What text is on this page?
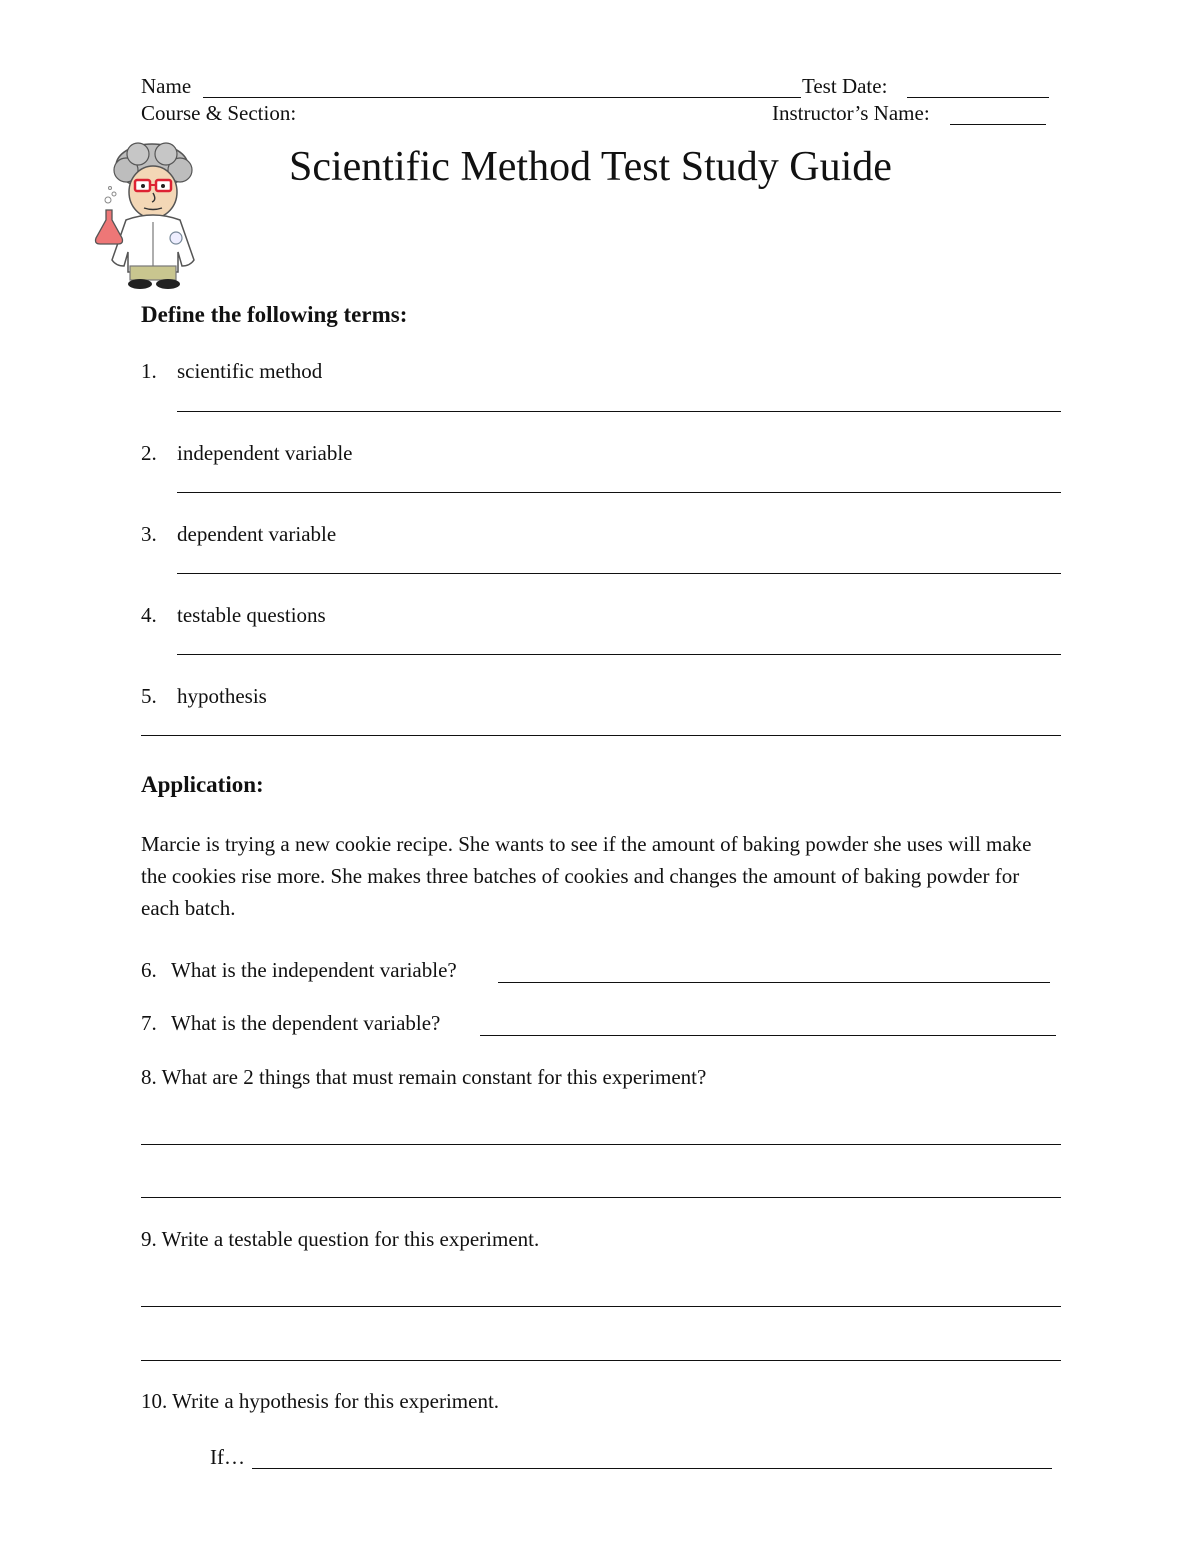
Name	Test Date:
Course & Section:	Instructor’s Name:
Scientific Method Test Study Guide
Define the following terms:
1. scientific method
2. independent variable
3. dependent variable
4. testable questions
5. hypothesis
Application:
Marcie is trying a new cookie recipe. She wants to see if the amount of baking powder she uses will make the cookies rise more. She makes three batches of cookies and changes the amount of baking powder for each batch.
6. What is the independent variable?
7. What is the dependent variable?
8. What are 2 things that must remain constant for this experiment?
9. Write a testable question for this experiment.
10. Write a hypothesis for this experiment.
If…
